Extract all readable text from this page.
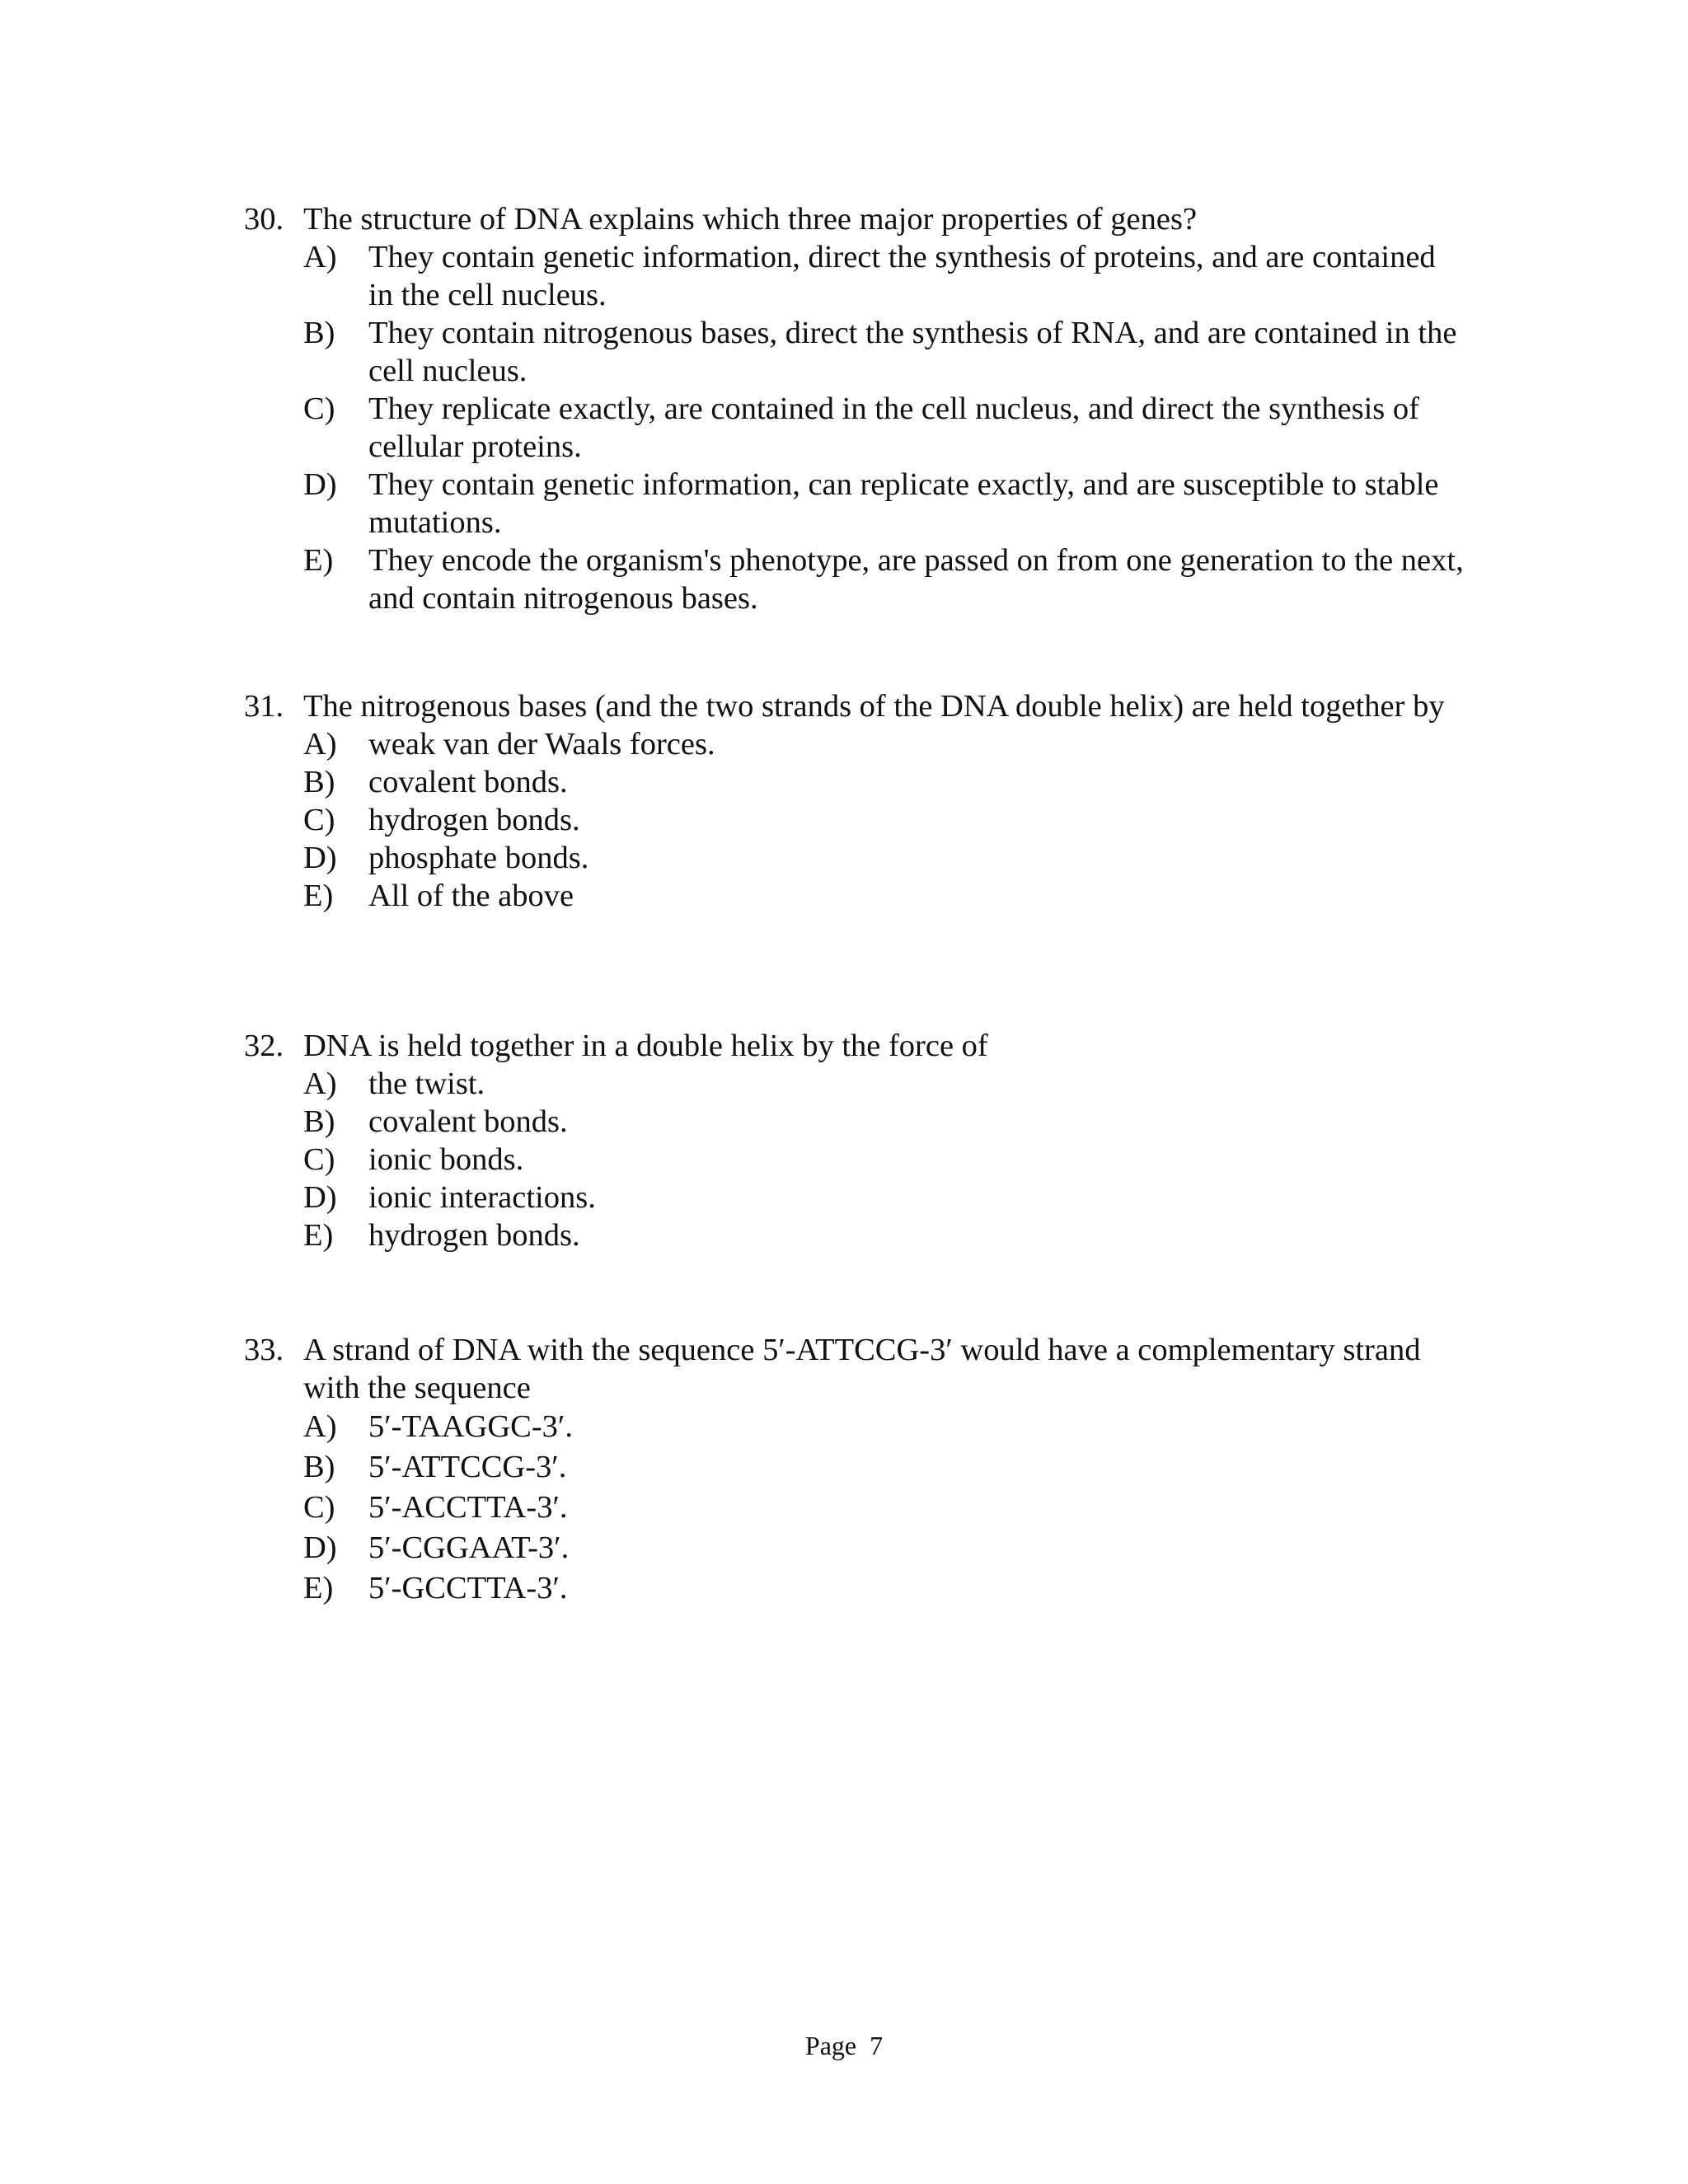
30. The structure of DNA explains which three major properties of genes?
A) They contain genetic information, direct the synthesis of proteins, and are contained in the cell nucleus.
B)	They contain nitrogenous bases, direct the synthesis of RNA, and are contained in the cell nucleus.
C)	They replicate exactly, are contained in the cell nucleus, and direct the synthesis of cellular proteins.
D) They contain genetic information, can replicate exactly, and are susceptible to stable mutations.
E)	They encode the organism's phenotype, are passed on from one generation to the next, and contain nitrogenous bases.
31. The nitrogenous bases (and the two strands of the DNA double helix) are held together by
A) weak van der Waals forces.
B)	covalent bonds.
C)	hydrogen bonds.
D) phosphate bonds.
E)	All of the above
32. DNA is held together in a double helix by the force of
A) the twist.
B)	covalent bonds.
C)	ionic bonds.
D) ionic interactions.
E)	hydrogen bonds.
33. A strand of DNA with the sequence 5′-ATTCCG-3′ would have a complementary strand with the sequence
A) 5′-TAAGGC-3′.
B)	5′-ATTCCG-3′.
C)	5′-ACCTTA-3′.
D) 5′-CGGAAT-3′.
E)	5′-GCCTTA-3′.
Page 7
